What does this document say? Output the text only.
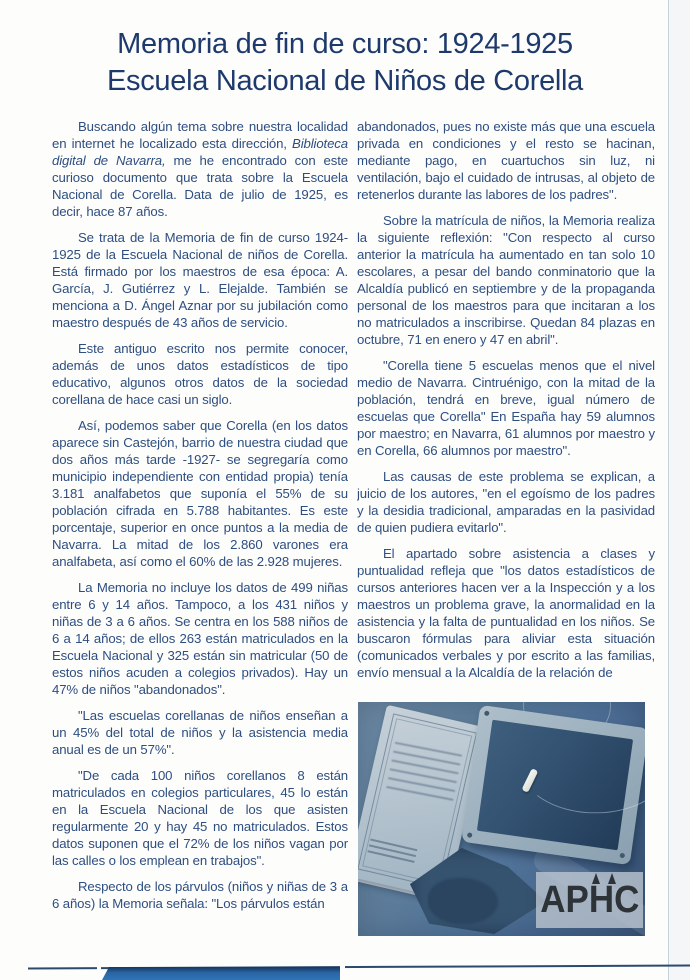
Memoria de fin de curso: 1924-1925
Escuela Nacional de Niños de Corella

Buscando algún tema sobre nuestra localidad en internet he localizado esta dirección, Biblioteca digital de Navarra, me he encontrado con este curioso documento que trata sobre la Escuela Nacional de Corella. Data de julio de 1925, es decir, hace 87 años.

Se trata de la Memoria de fin de curso 1924-1925 de la Escuela Nacional de niños de Corella. Está firmado por los maestros de esa época: A. García, J. Gutiérrez y L. Elejalde. También se menciona a D. Ángel Aznar por su jubilación como maestro después de 43 años de servicio.

Este antiguo escrito nos permite conocer, además de unos datos estadísticos de tipo educativo, algunos otros datos de la sociedad corellana de hace casi un siglo.

Así, podemos saber que Corella (en los datos aparece sin Castejón, barrio de nuestra ciudad que dos años más tarde -1927- se segregaría como municipio independiente con entidad propia) tenía 3.181 analfabetos que suponía el 55% de su población cifrada en 5.788 habitantes. Es este porcentaje, superior en once puntos a la media de Navarra. La mitad de los 2.860 varones era analfabeta, así como el 60% de las 2.928 mujeres.

La Memoria no incluye los datos de 499 niñas entre 6 y 14 años. Tampoco, a los 431 niños y niñas de 3 a 6 años. Se centra en los 588 niños de 6 a 14 años; de ellos 263 están matriculados en la Escuela Nacional y 325 están sin matricular (50 de estos niños acuden a colegios privados). Hay un 47% de niños "abandonados".

"Las escuelas corellanas de niños enseñan a un 45% del total de niños y la asistencia media anual es de un 57%".

"De cada 100 niños corellanos 8 están matriculados en colegios particulares, 45 lo están en la Escuela Nacional de los que asisten regularmente 20 y hay 45 no matriculados. Estos datos suponen que el 72% de los niños vagan por las calles o los emplean en trabajos".

Respecto de los párvulos (niños y niñas de 3 a 6 años) la Memoria señala: "Los párvulos están

abandonados, pues no existe más que una escuela privada en condiciones y el resto se hacinan, mediante pago, en cuartuchos sin luz, ni ventilación, bajo el cuidado de intrusas, al objeto de retenerlos durante las labores de los padres".

Sobre la matrícula de niños, la Memoria realiza la siguiente reflexión: "Con respecto al curso anterior la matrícula ha aumentado en tan solo 10 escolares, a pesar del bando conminatorio que la Alcaldía publicó en septiembre y de la propaganda personal de los maestros para que incitaran a los no matriculados a inscribirse. Quedan 84 plazas en octubre, 71 en enero y 47 en abril".

"Corella tiene 5 escuelas menos que el nivel medio de Navarra. Cintruénigo, con la mitad de la población, tendrá en breve, igual número de escuelas que Corella" En España hay 59 alumnos por maestro; en Navarra, 61 alumnos por maestro y en Corella, 66 alumnos por maestro".

Las causas de este problema se explican, a juicio de los autores, "en el egoísmo de los padres y la desidia tradicional, amparadas en la pasividad de quien pudiera evitarlo".

El apartado sobre asistencia a clases y puntualidad refleja que "los datos estadísticos de cursos anteriores hacen ver a la Inspección y a los maestros un problema grave, la anormalidad en la asistencia y la falta de puntualidad en los niños. Se buscaron fórmulas para aliviar esta situación (comunicados verbales y por escrito a las familias, envío mensual a la Alcaldía de la relación de

APHC
